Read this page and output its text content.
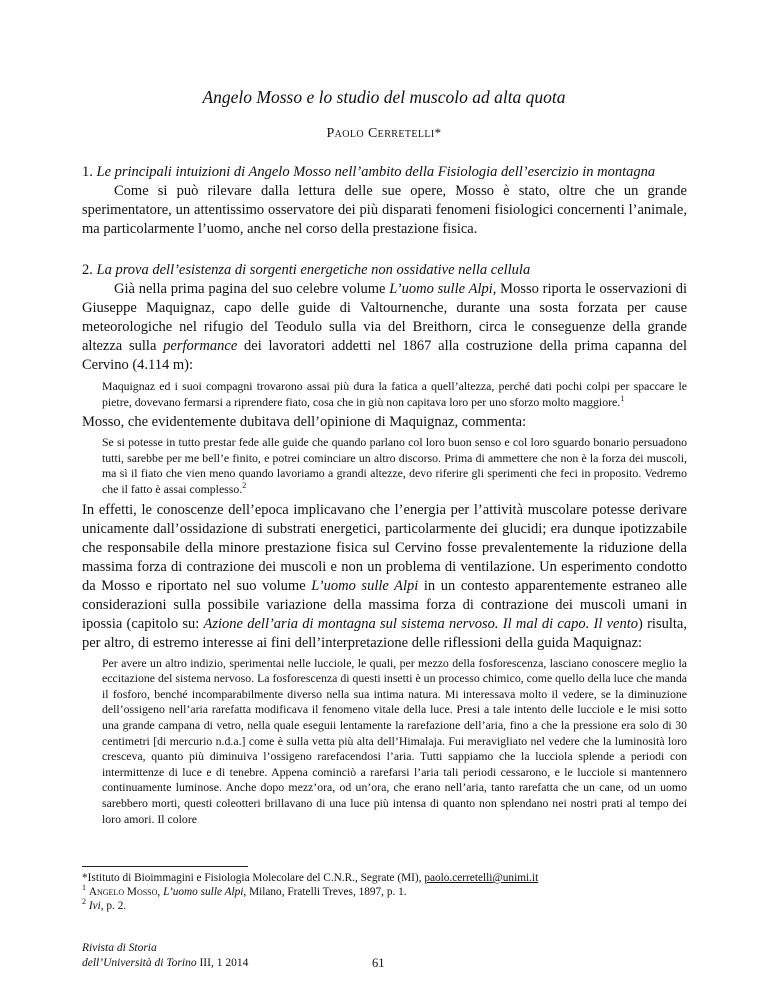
Angelo Mosso e lo studio del muscolo ad alta quota
Paolo Cerretelli*

1. Le principali intuizioni di Angelo Mosso nell’ambito della Fisiologia dell’esercizio in montagna

Come si può rilevare dalla lettura delle sue opere, Mosso è stato, oltre che un grande sperimentatore, un attentissimo osservatore dei più disparati fenomeni fisiologici concernenti l’animale, ma particolarmente l’uomo, anche nel corso della prestazione fisica.

2. La prova dell’esistenza di sorgenti energetiche non ossidative nella cellula

Già nella prima pagina del suo celebre volume L’uomo sulle Alpi, Mosso riporta le osservazioni di Giuseppe Maquignaz, capo delle guide di Valtournenche, durante una sosta forzata per cause meteorologiche nel rifugio del Teodulo sulla via del Breithorn, circa le conseguenze della grande altezza sulla performance dei lavoratori addetti nel 1867 alla costruzione della prima capanna del Cervino (4.114 m):

Maquignaz ed i suoi compagni trovarono assai più dura la fatica a quell’altezza, perché dati pochi colpi per spaccare le pietre, dovevano fermarsi a riprendere fiato, cosa che in giù non capitava loro per uno sforzo molto maggiore.$^1$

Mosso, che evidentemente dubitava dell’opinione di Maquignaz, commenta:

Se si potesse in tutto prestar fede alle guide che quando parlano col loro buon senso e col loro sguardo bonario persuadono tutti, sarebbe per me bell’e finito, e potrei cominciare un altro discorso. Prima di ammettere che non è la forza dei muscoli, ma sì il fiato che vien meno quando lavoriamo a grandi altezze, devo riferire gli sperimenti che feci in proposito. Vedremo che il fatto è assai complesso.$^2$

In effetti, le conoscenze dell’epoca implicavano che l’energia per l’attività muscolare potesse derivare unicamente dall’ossidazione di substrati energetici, particolarmente dei glucidi; era dunque ipotizzabile che responsabile della minore prestazione fisica sul Cervino fosse prevalentemente la riduzione della massima forza di contrazione dei muscoli e non un problema di ventilazione. Un esperimento condotto da Mosso e riportato nel suo volume L’uomo sulle Alpi in un contesto apparentemente estraneo alle considerazioni sulla possibile variazione della massima forza di contrazione dei muscoli umani in ipossia (capitolo su: Azione dell’aria di montagna sul sistema nervoso. Il mal di capo. Il vento) risulta, per altro, di estremo interesse ai fini dell’interpretazione delle riflessioni della guida Maquignaz:

Per avere un altro indizio, sperimentai nelle lucciole, le quali, per mezzo della fosforescenza, lasciano conoscere meglio la eccitazione del sistema nervoso. La fosforescenza di questi insetti è un processo chimico, come quello della luce che manda il fosforo, benché incomparabilmente diverso nella sua intima natura. Mi interessava molto il vedere, se la diminuzione dell’ossigeno nell’aria rarefatta modificava il fenomeno vitale della luce. Presi a tale intento delle lucciole e le misi sotto una grande campana di vetro, nella quale eseguii lentamente la rarefazione dell’aria, fino a che la pressione era solo di 30 centimetri [di mercurio n.d.a.] come è sulla vetta più alta dell’Himalaja. Fui meravigliato nel vedere che la luminosità loro cresceva, quanto più diminuiva l’ossigeno rarefacendosi l’aria. Tutti sappiamo che la lucciola splende a periodi con intermittenze di luce e di tenebre. Appena cominciò a rarefarsi l’aria tali periodi cessarono, e le lucciole si mantennero continuamente luminose. Anche dopo mezz’ora, od un’ora, che erano nell’aria, tanto rarefatta che un cane, od un uomo sarebbero morti, questi coleotteri brillavano di una luce più intensa di quanto non splendano nei nostri prati al tempo dei loro amori. Il colore

*Istituto di Bioimmagini e Fisiologia Molecolare del C.N.R., Segrate (MI), paolo.cerretelli@unimi.it

$^1$ Angelo Mosso, L’uomo sulle Alpi, Milano, Fratelli Treves, 1897, p. 1.

$^2$ Ivi, p. 2.

Rivista di Storia
dell’Università di Torino III, 1 2014	61
